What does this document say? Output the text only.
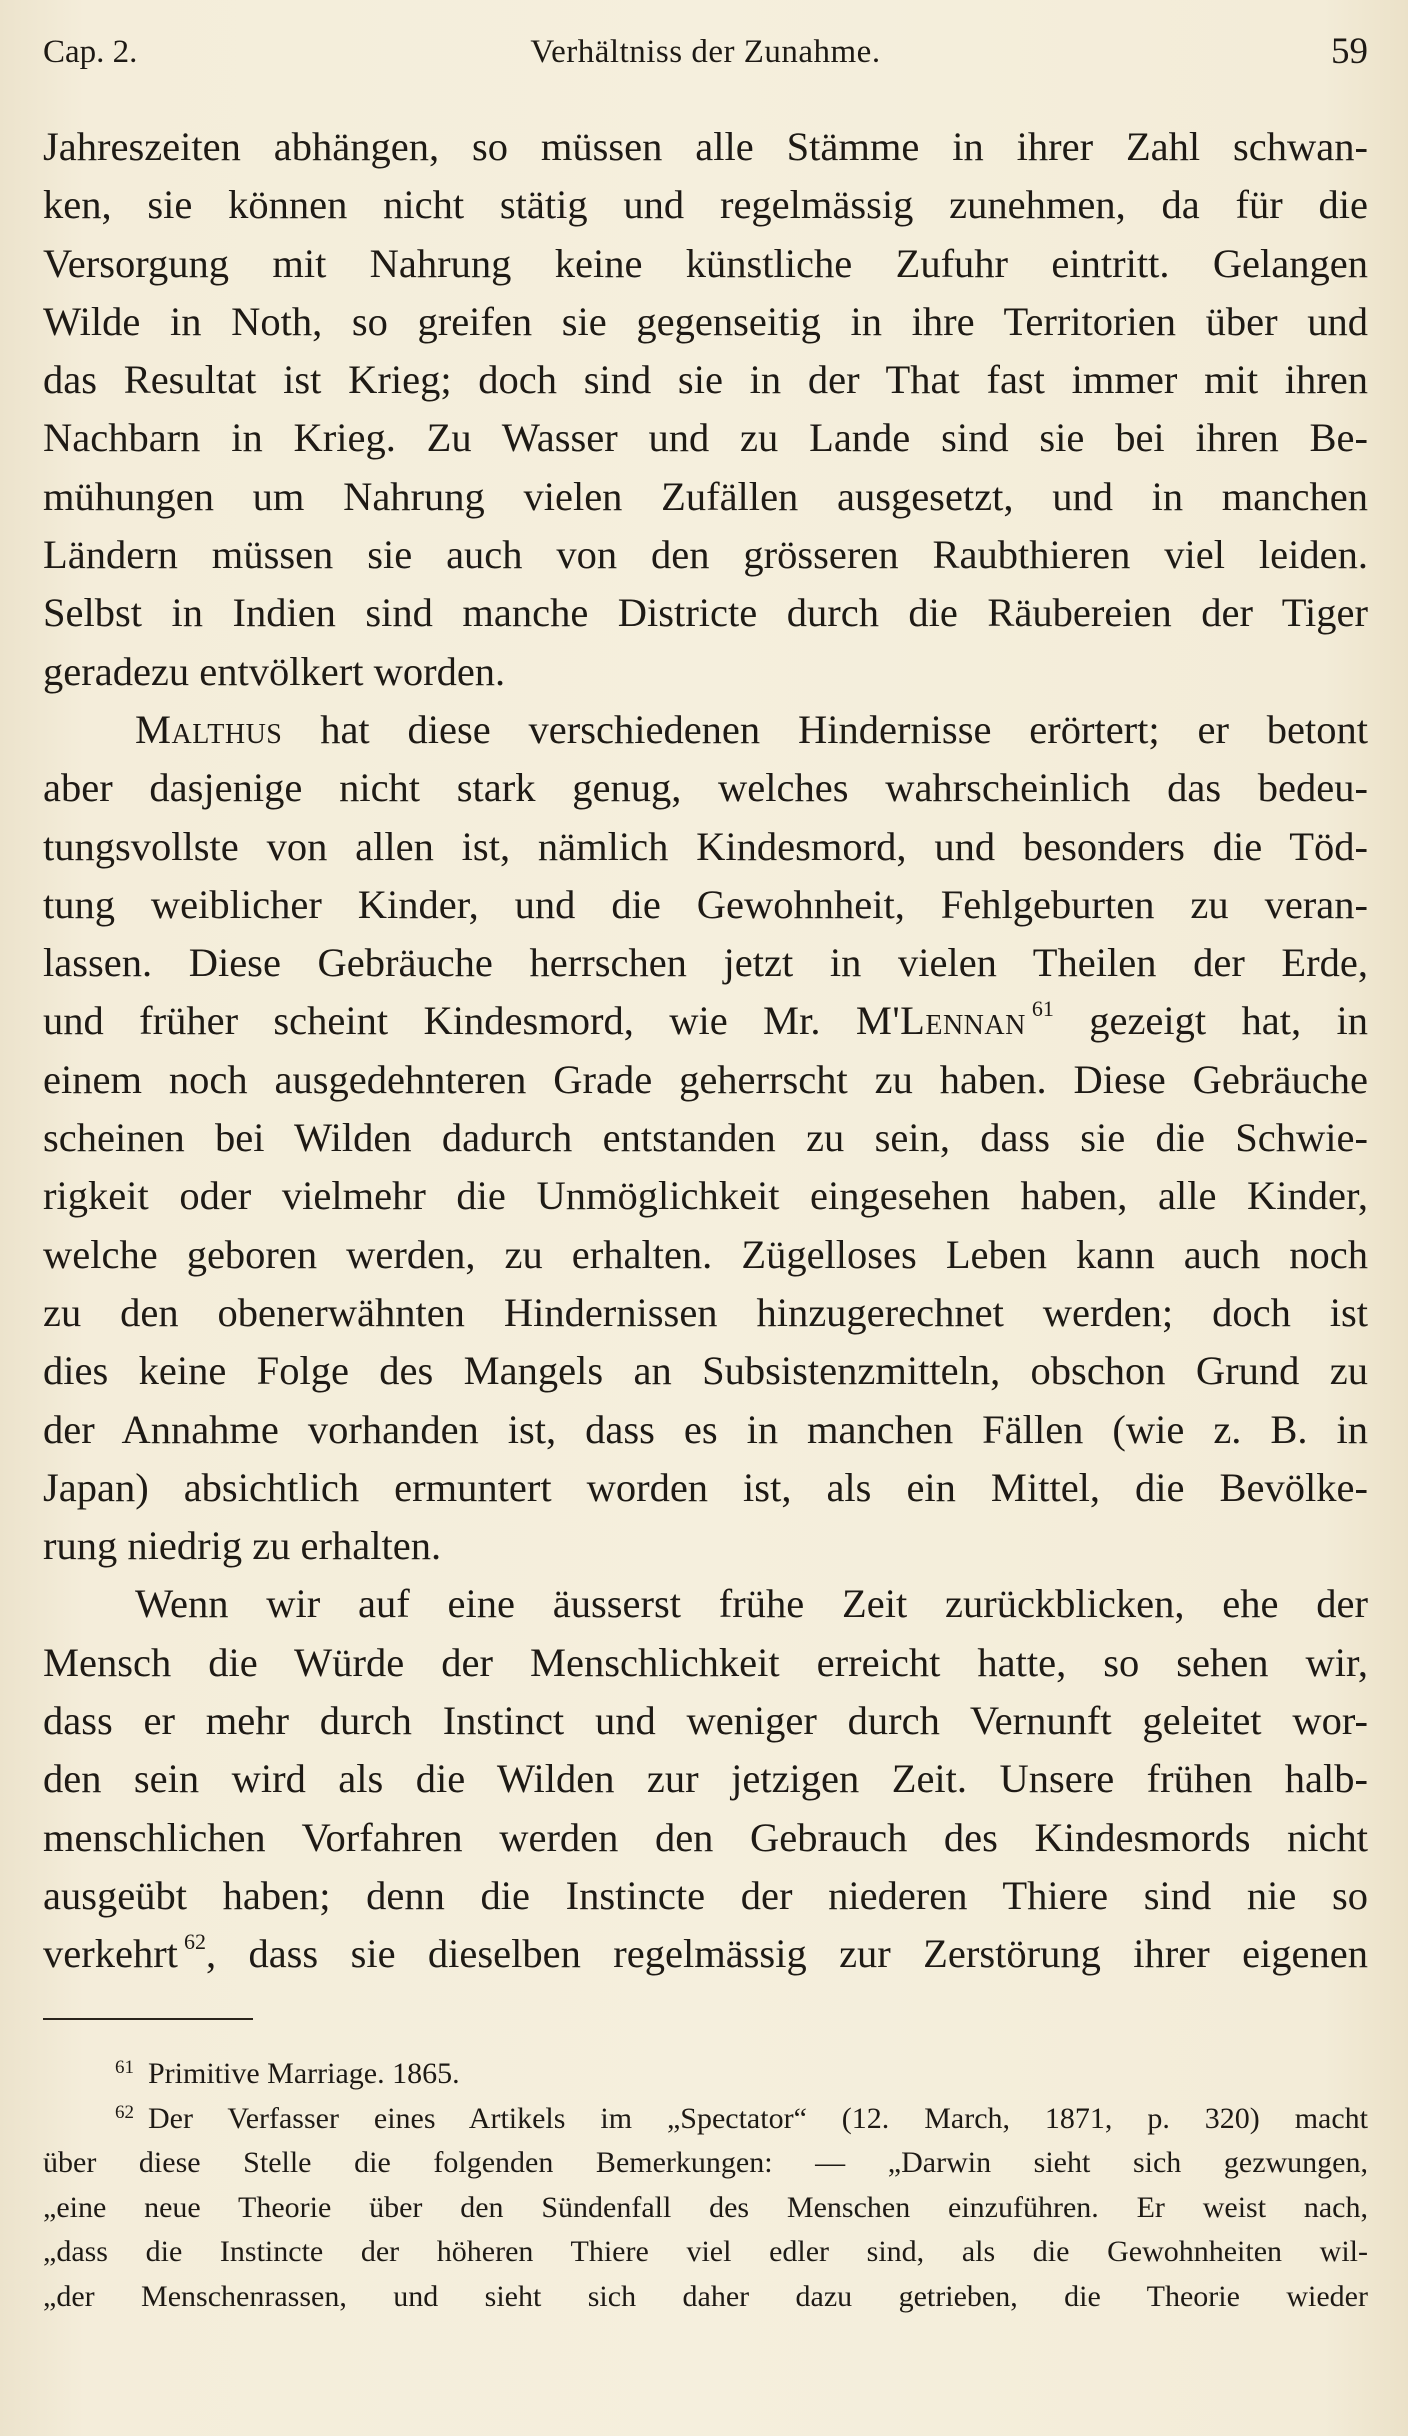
Cap. 2.	Verhältniss der Zunahme.	59
Jahreszeiten abhängen, so müssen alle Stämme in ihrer Zahl schwan-
ken, sie können nicht stätig und regelmässig zunehmen, da für die
Versorgung mit Nahrung keine künstliche Zufuhr eintritt. Gelangen
Wilde in Noth, so greifen sie gegenseitig in ihre Territorien über und
das Resultat ist Krieg; doch sind sie in der That fast immer mit ihren
Nachbarn in Krieg. Zu Wasser und zu Lande sind sie bei ihren Be-
mühungen um Nahrung vielen Zufällen ausgesetzt, und in manchen
Ländern müssen sie auch von den grösseren Raubthieren viel leiden.
Selbst in Indien sind manche Districte durch die Räubereien der Tiger
geradezu entvölkert worden.
Malthus hat diese verschiedenen Hindernisse erörtert; er betont
aber dasjenige nicht stark genug, welches wahrscheinlich das bedeu-
tungsvollste von allen ist, nämlich Kindesmord, und besonders die Töd-
tung weiblicher Kinder, und die Gewohnheit, Fehlgeburten zu veran-
lassen. Diese Gebräuche herrschen jetzt in vielen Theilen der Erde,
und früher scheint Kindesmord, wie Mr. M'Lennan $^{61}$ gezeigt hat, in
einem noch ausgedehnteren Grade geherrscht zu haben. Diese Gebräuche
scheinen bei Wilden dadurch entstanden zu sein, dass sie die Schwie-
rigkeit oder vielmehr die Unmöglichkeit eingesehen haben, alle Kinder,
welche geboren werden, zu erhalten. Zügelloses Leben kann auch noch
zu den obenerwähnten Hindernissen hinzugerechnet werden; doch ist
dies keine Folge des Mangels an Subsistenzmitteln, obschon Grund zu
der Annahme vorhanden ist, dass es in manchen Fällen (wie z. B. in
Japan) absichtlich ermuntert worden ist, als ein Mittel, die Bevölke-
rung niedrig zu erhalten.
Wenn wir auf eine äusserst frühe Zeit zurückblicken, ehe der
Mensch die Würde der Menschlichkeit erreicht hatte, so sehen wir,
dass er mehr durch Instinct und weniger durch Vernunft geleitet wor-
den sein wird als die Wilden zur jetzigen Zeit. Unsere frühen halb-
menschlichen Vorfahren werden den Gebrauch des Kindesmords nicht
ausgeübt haben; denn die Instincte der niederen Thiere sind nie so
verkehrt $^{62}$, dass sie dieselben regelmässig zur Zerstörung ihrer eigenen
$^{61}$ Primitive Marriage. 1865.
$^{62}$ Der Verfasser eines Artikels im „Spectator“ (12. March, 1871, p. 320) macht
über diese Stelle die folgenden Bemerkungen: — „Darwin sieht sich gezwungen,
„eine neue Theorie über den Sündenfall des Menschen einzuführen. Er weist nach,
„dass die Instincte der höheren Thiere viel edler sind, als die Gewohnheiten wil-
„der Menschenrassen, und sieht sich daher dazu getrieben, die Theorie wieder
